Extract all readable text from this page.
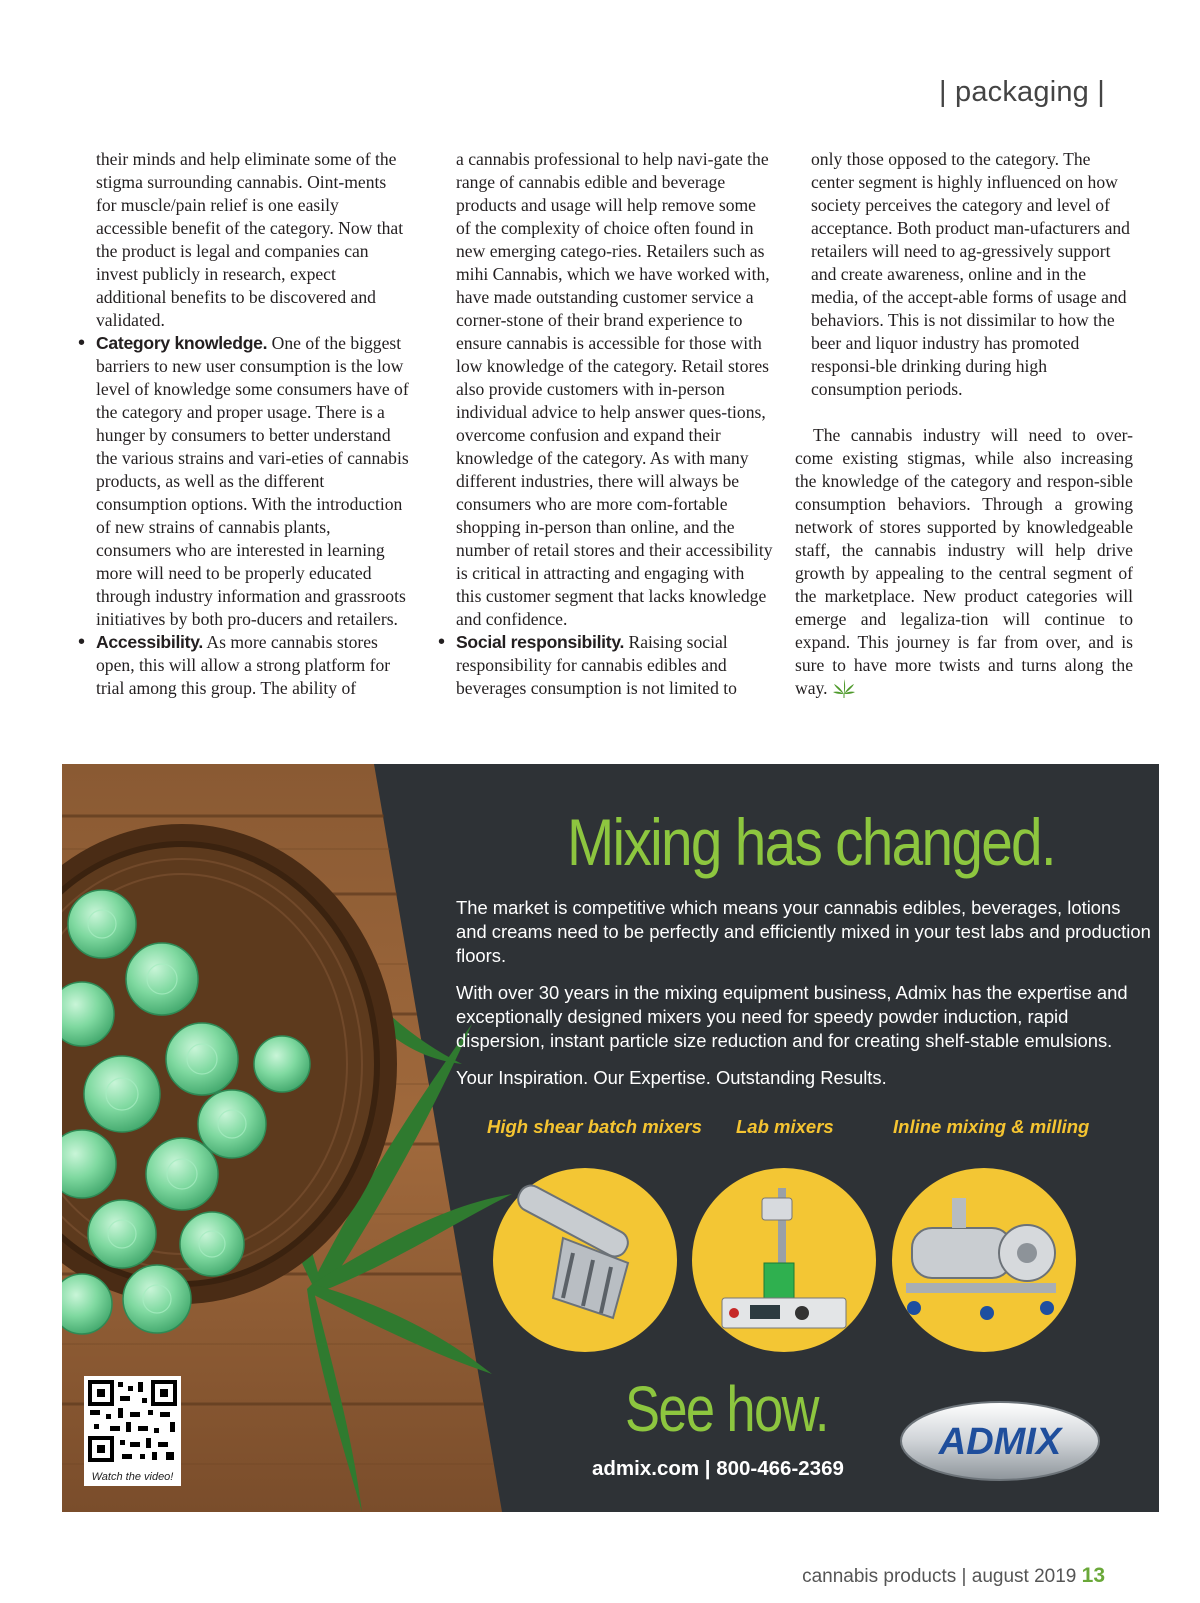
| packaging |

their minds and help eliminate some of the stigma surrounding cannabis. Oint-ments for muscle/pain relief is one easily accessible benefit of the category. Now that the product is legal and companies can invest publicly in research, expect additional benefits to be discovered and validated.

• Category knowledge. One of the biggest barriers to new user consumption is the low level of knowledge some consumers have of the category and proper usage. There is a hunger by consumers to better understand the various strains and vari-eties of cannabis products, as well as the different consumption options. With the introduction of new strains of cannabis plants, consumers who are interested in learning more will need to be properly educated through industry information and grassroots initiatives by both pro-ducers and retailers.
• Accessibility. As more cannabis stores open, this will allow a strong platform for trial among this group. The ability of

a cannabis professional to help navi-gate the range of cannabis edible and beverage products and usage will help remove some of the complexity of choice often found in new emerging catego-ries. Retailers such as mihi Cannabis, which we have worked with, have made outstanding customer service a corner-stone of their brand experience to ensure cannabis is accessible for those with low knowledge of the category. Retail stores also provide customers with in-person individual advice to help answer ques-tions, overcome confusion and expand their knowledge of the category. As with many different industries, there will always be consumers who are more com-fortable shopping in-person than online, and the number of retail stores and their accessibility is critical in attracting and engaging with this customer segment that lacks knowledge and confidence.

• Social responsibility. Raising social responsibility for cannabis edibles and beverages consumption is not limited to

only those opposed to the category. The center segment is highly influenced on how society perceives the category and level of acceptance. Both product man-ufacturers and retailers will need to ag-gressively support and create awareness, online and in the media, of the accept-able forms of usage and behaviors. This is not dissimilar to how the beer and liquor industry has promoted responsi-ble drinking during high consumption periods.

The cannabis industry will need to over-come existing stigmas, while also increasing the knowledge of the category and respon-sible consumption behaviors. Through a growing network of stores supported by knowledgeable staff, the cannabis industry will help drive growth by appealing to the central segment of the marketplace. New product categories will emerge and legaliza-tion will continue to expand. This journey is far from over, and is sure to have more twists and turns along the way.

Mixing has changed.

The market is competitive which means your cannabis edibles, beverages, lotions and creams need to be perfectly and efficiently mixed in your test labs and production floors.

With over 30 years in the mixing equipment business, Admix has the expertise and exceptionally designed mixers you need for speedy powder induction, rapid dispersion, instant particle size reduction and for creating shelf-stable emulsions.

Your Inspiration. Our Expertise. Outstanding Results.

High shear batch mixers Lab mixers	Inline mixing & milling
See how.
admix.com | 800-466-2369
ADMIX
Watch the video!
cannabis products | august 2019 13
